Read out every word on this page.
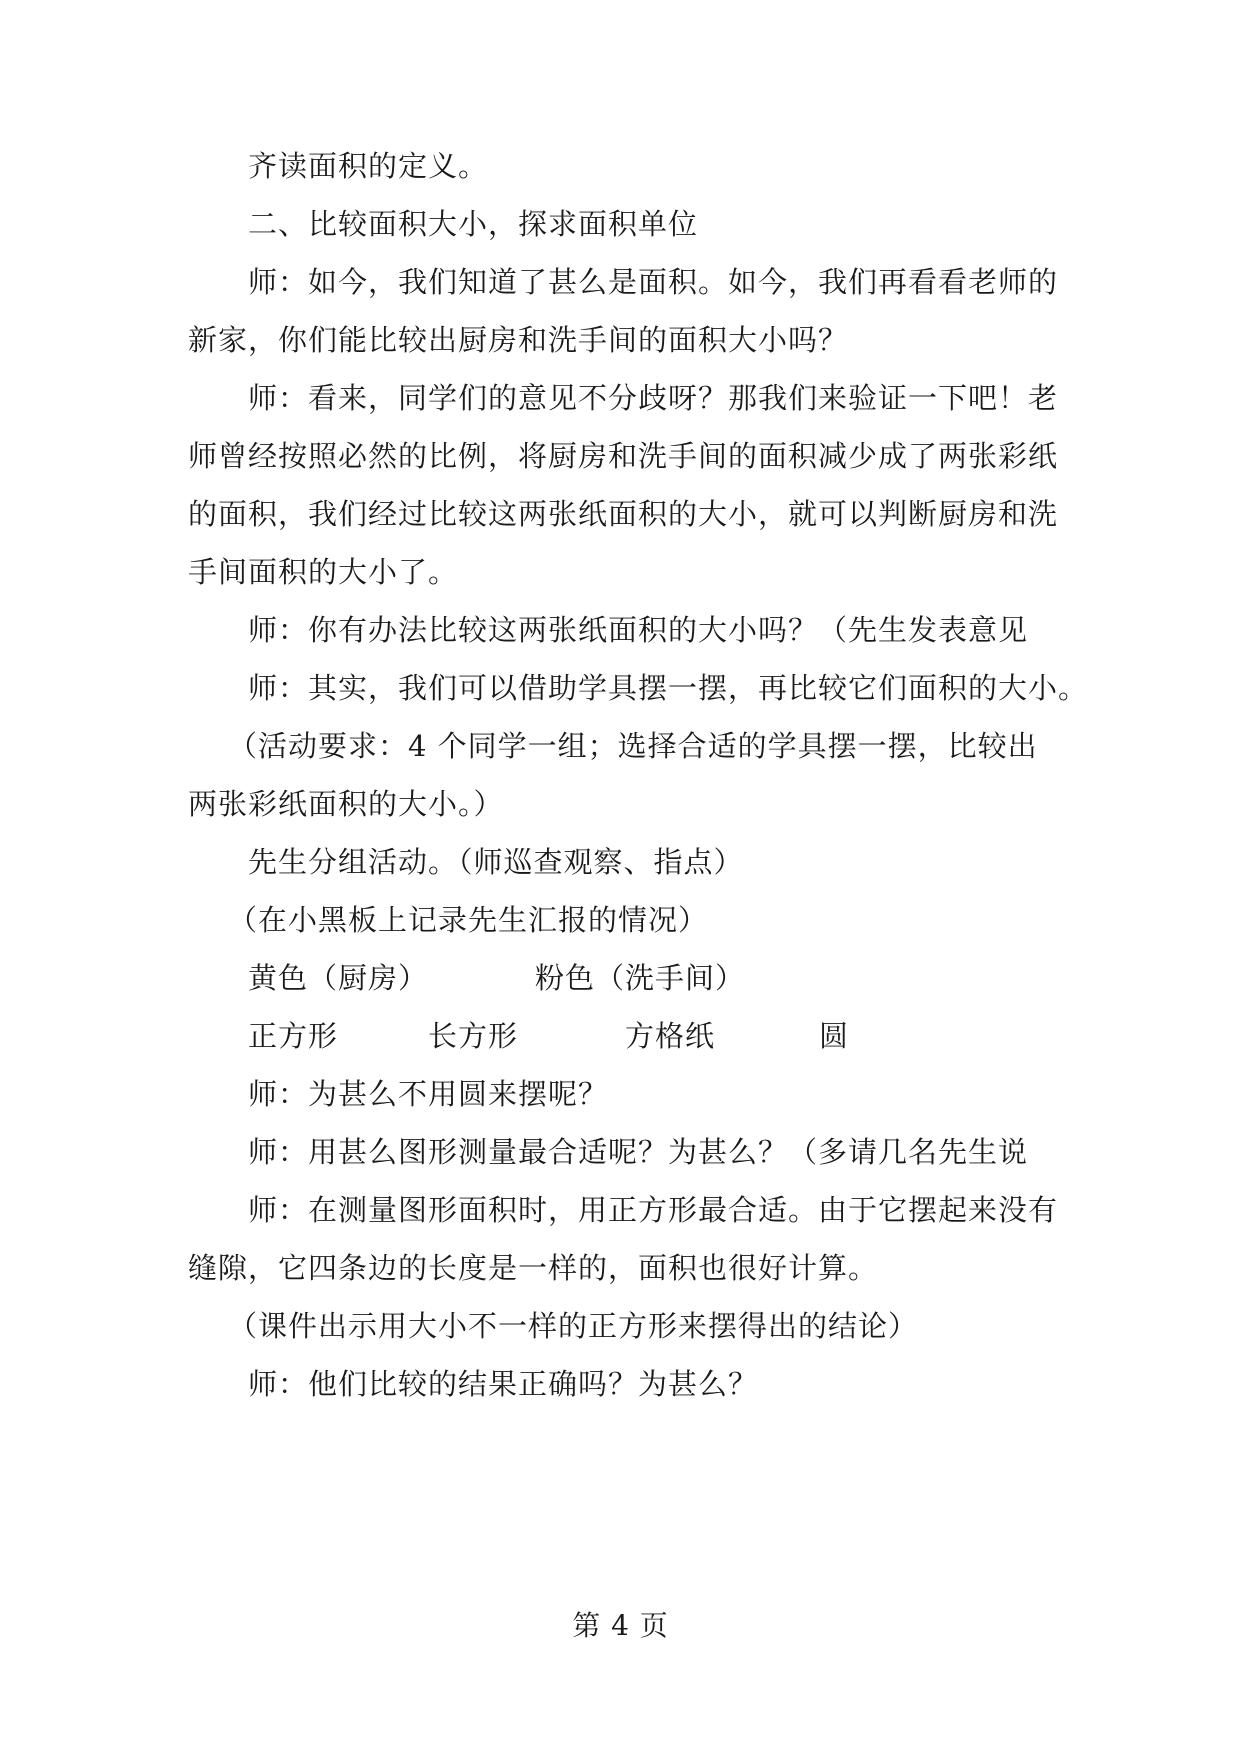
齐读面积的定义。
二、比较面积大小，探求面积单位
师：如今，我们知道了甚么是面积。如今，我们再看看老师的
新家，你们能比较出厨房和洗手间的面积大小吗？
师：看来，同学们的意见不分歧呀？那我们来验证一下吧！老
师曾经按照必然的比例，将厨房和洗手间的面积减少成了两张彩纸
的面积，我们经过比较这两张纸面积的大小，就可以判断厨房和洗
手间面积的大小了。
师：你有办法比较这两张纸面积的大小吗？（先生发表意见
师：其实，我们可以借助学具摆一摆，再比较它们面积的大小。
（活动要求：4 个同学一组；选择合适的学具摆一摆，比较出
两张彩纸面积的大小。）
先生分组活动。（师巡查观察、指点）
（在小黑板上记录先生汇报的情况）
黄色（厨房）	粉色（洗手间）
正方形	长方形	方格纸	圆
师：为甚么不用圆来摆呢？
师：用甚么图形测量最合适呢？为甚么？（多请几名先生说
师：在测量图形面积时，用正方形最合适。由于它摆起来没有
缝隙，它四条边的长度是一样的，面积也很好计算。
（课件出示用大小不一样的正方形来摆得出的结论）
师：他们比较的结果正确吗？为甚么？
第 4 页
